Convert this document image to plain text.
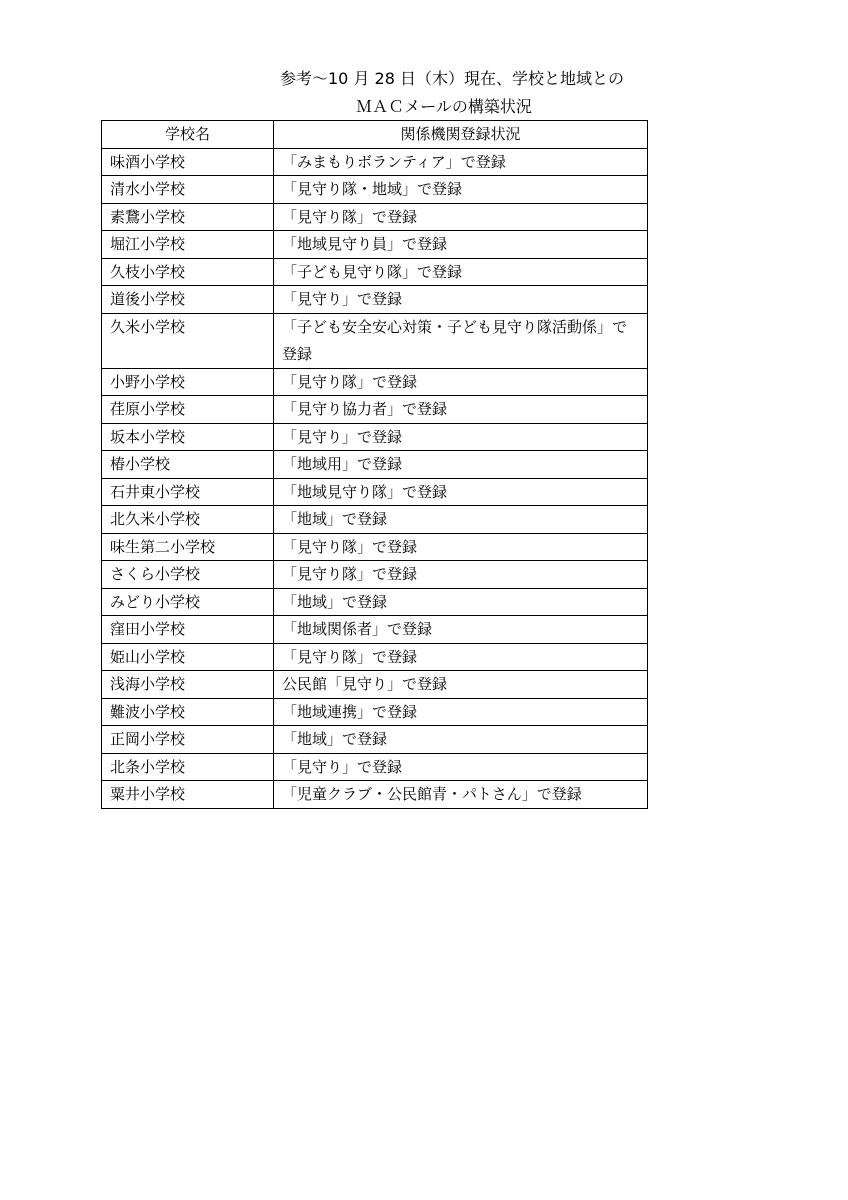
参考～10 月 28 日（木）現在、学校と地域との
ＭＡＣメールの構築状況
学校名	関係機関登録状況
味酒小学校	「みまもりボランティア」で登録
清水小学校	「見守り隊・地域」で登録
素鵞小学校	「見守り隊」で登録
堀江小学校	「地域見守り員」で登録
久枝小学校	「子ども見守り隊」で登録
道後小学校	「見守り」で登録
久米小学校	「子ども安全安心対策・子ども見守り隊活動係」で登録
小野小学校	「見守り隊」で登録
荏原小学校	「見守り協力者」で登録
坂本小学校	「見守り」で登録
椿小学校	「地域用」で登録
石井東小学校	「地域見守り隊」で登録
北久米小学校	「地域」で登録
味生第二小学校	「見守り隊」で登録
さくら小学校	「見守り隊」で登録
みどり小学校	「地域」で登録
窪田小学校	「地域関係者」で登録
姫山小学校	「見守り隊」で登録
浅海小学校	公民館「見守り」で登録
難波小学校	「地域連携」で登録
正岡小学校	「地域」で登録
北条小学校	「見守り」で登録
粟井小学校	「児童クラブ・公民館青・パトさん」で登録
